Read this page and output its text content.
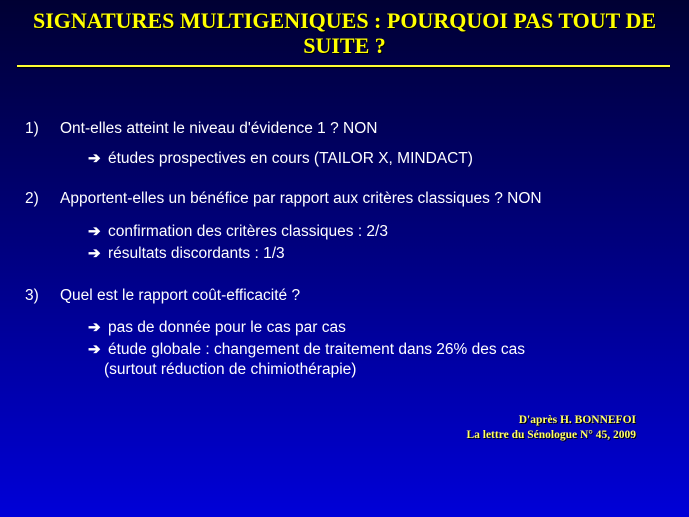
SIGNATURES MULTIGENIQUES : POURQUOI PAS TOUT DE
SUITE ?
1) Ont-elles atteint le niveau d'évidence 1 ? NON
➔ études prospectives en cours (TAILOR X, MINDACT)
2) Apportent-elles un bénéfice par rapport aux critères classiques ? NON
➔ confirmation des critères classiques : 2/3
➔ résultats discordants : 1/3
3) Quel est le rapport coût-efficacité ?
➔ pas de donnée pour le cas par cas
➔ étude globale : changement de traitement dans 26% des cas
(surtout réduction de chimiothérapie)
D'après H. BONNEFOI
La lettre du Sénologue N° 45, 2009
